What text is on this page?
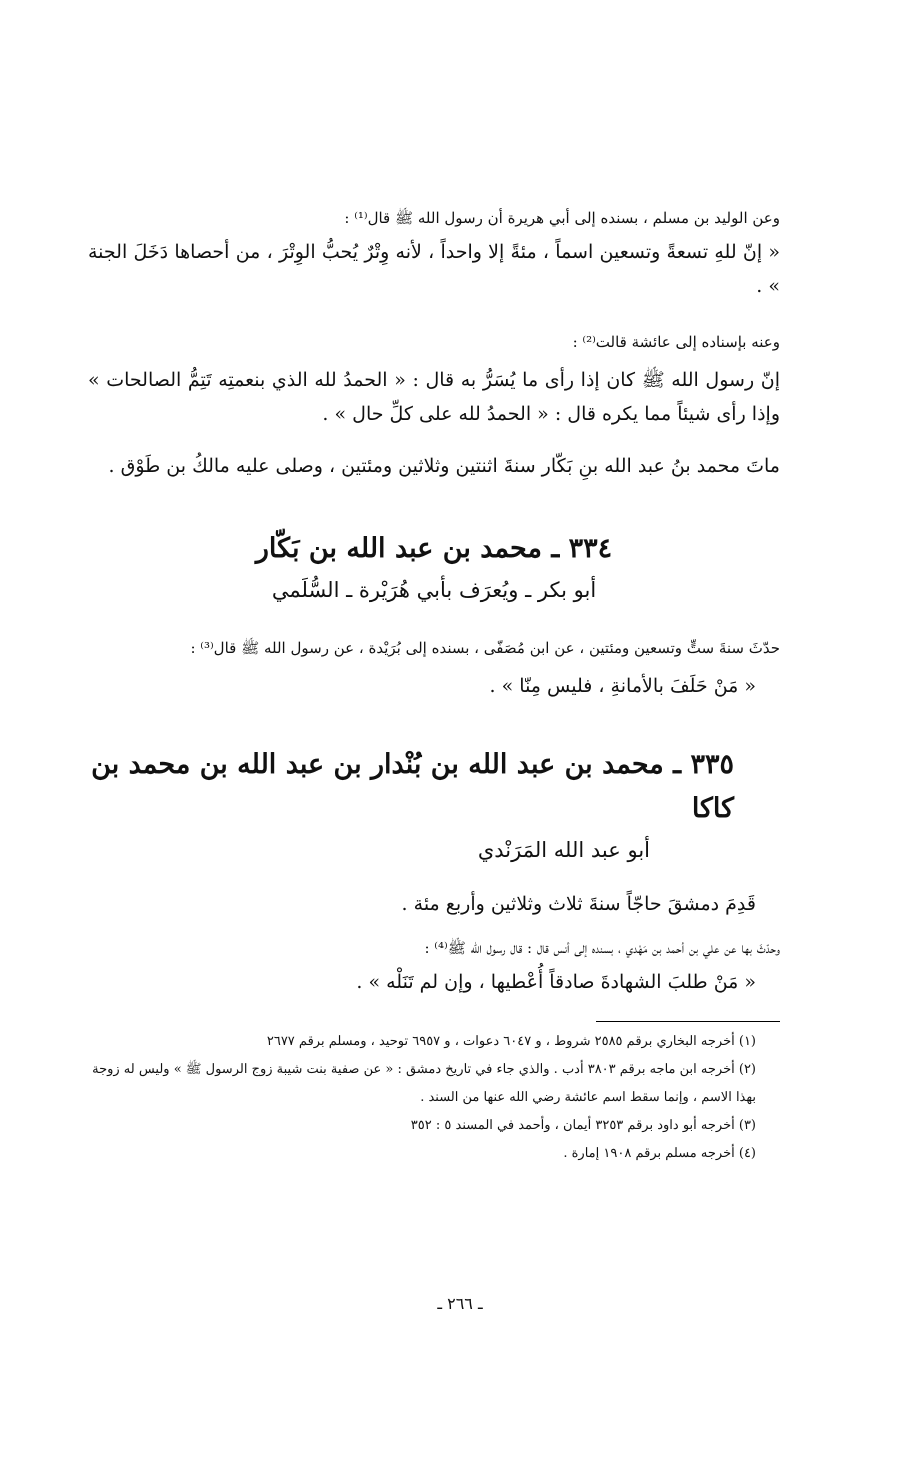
وعن الوليد بن مسلم ، بسنده إلى أبي هريرة أن رسول الله ﷺ قال⁽¹⁾ :

« إنّ للهِ تسعةً وتسعين اسماً ، مئةً إلا واحداً ، لأنه وِتْرٌ يُحبُّ الوِتْرَ ، من أحصاها دَخَلَ الجنة » .

وعنه بإسناده إلى عائشة قالت⁽²⁾ :

إنّ رسول الله ﷺ كان إذا رأى ما يُسَرُّ به قال : « الحمدُ لله الذي بنعمتِه تَتِمُّ الصالحات » وإذا رأى شيئاً مما يكره قال : « الحمدُ لله على كلِّ حال » .

ماتَ محمد بنُ عبد الله بنِ بَكّار سنةَ اثنتين وثلاثين ومئتين ، وصلى عليه مالكُ بن طَوْق .

٣٣٤ ـ محمد بن عبد الله بن بَكّار

أبو بكر ـ ويُعرَف بأبي هُرَيْرة ـ السُّلَمي

حدّثَ سنةَ ستٍّ وتسعين ومئتين ، عن ابن مُصَفّى ، بسنده إلى بُرَيْدة ، عن رسول الله ﷺ قال⁽³⁾ :

« مَنْ حَلَفَ بالأمانةِ ، فليس مِنّا » .

٣٣٥ ـ محمد بن عبد الله بن بُنْدار بن عبد الله بن محمد بن كاكا

أبو عبد الله المَرَنْدي

قَدِمَ دمشقَ حاجّاً سنةَ ثلاث وثلاثين وأربع مئة .

وحدّثَ بها عن علي بن أحمد بن مَهْدي ، بسنده إلى أنس قال : قال رسول الله ﷺ⁽⁴⁾ :

« مَنْ طلبَ الشهادةَ صادقاً أُعْطيها ، وإن لم تَنَلْه » .

(١) أخرجه البخاري برقم ٢٥٨٥ شروط ، و ٦٠٤٧ دعوات ، و ٦٩٥٧ توحيد ، ومسلم برقم ٢٦٧٧

(٢) أخرجه ابن ماجه برقم ٣٨٠٣ أدب . والذي جاء في تاريخ دمشق : « عن صفية بنت شيبة زوج الرسول ﷺ » وليس له زوجة بهذا الاسم ، وإنما سقط اسم عائشة رضي الله عنها من السند .

(٣) أخرجه أبو داود برقم ٣٢٥٣ أيمان ، وأحمد في المسند ٥ : ٣٥٢

(٤) أخرجه مسلم برقم ١٩٠٨ إمارة .

ـ ٢٦٦ ـ
